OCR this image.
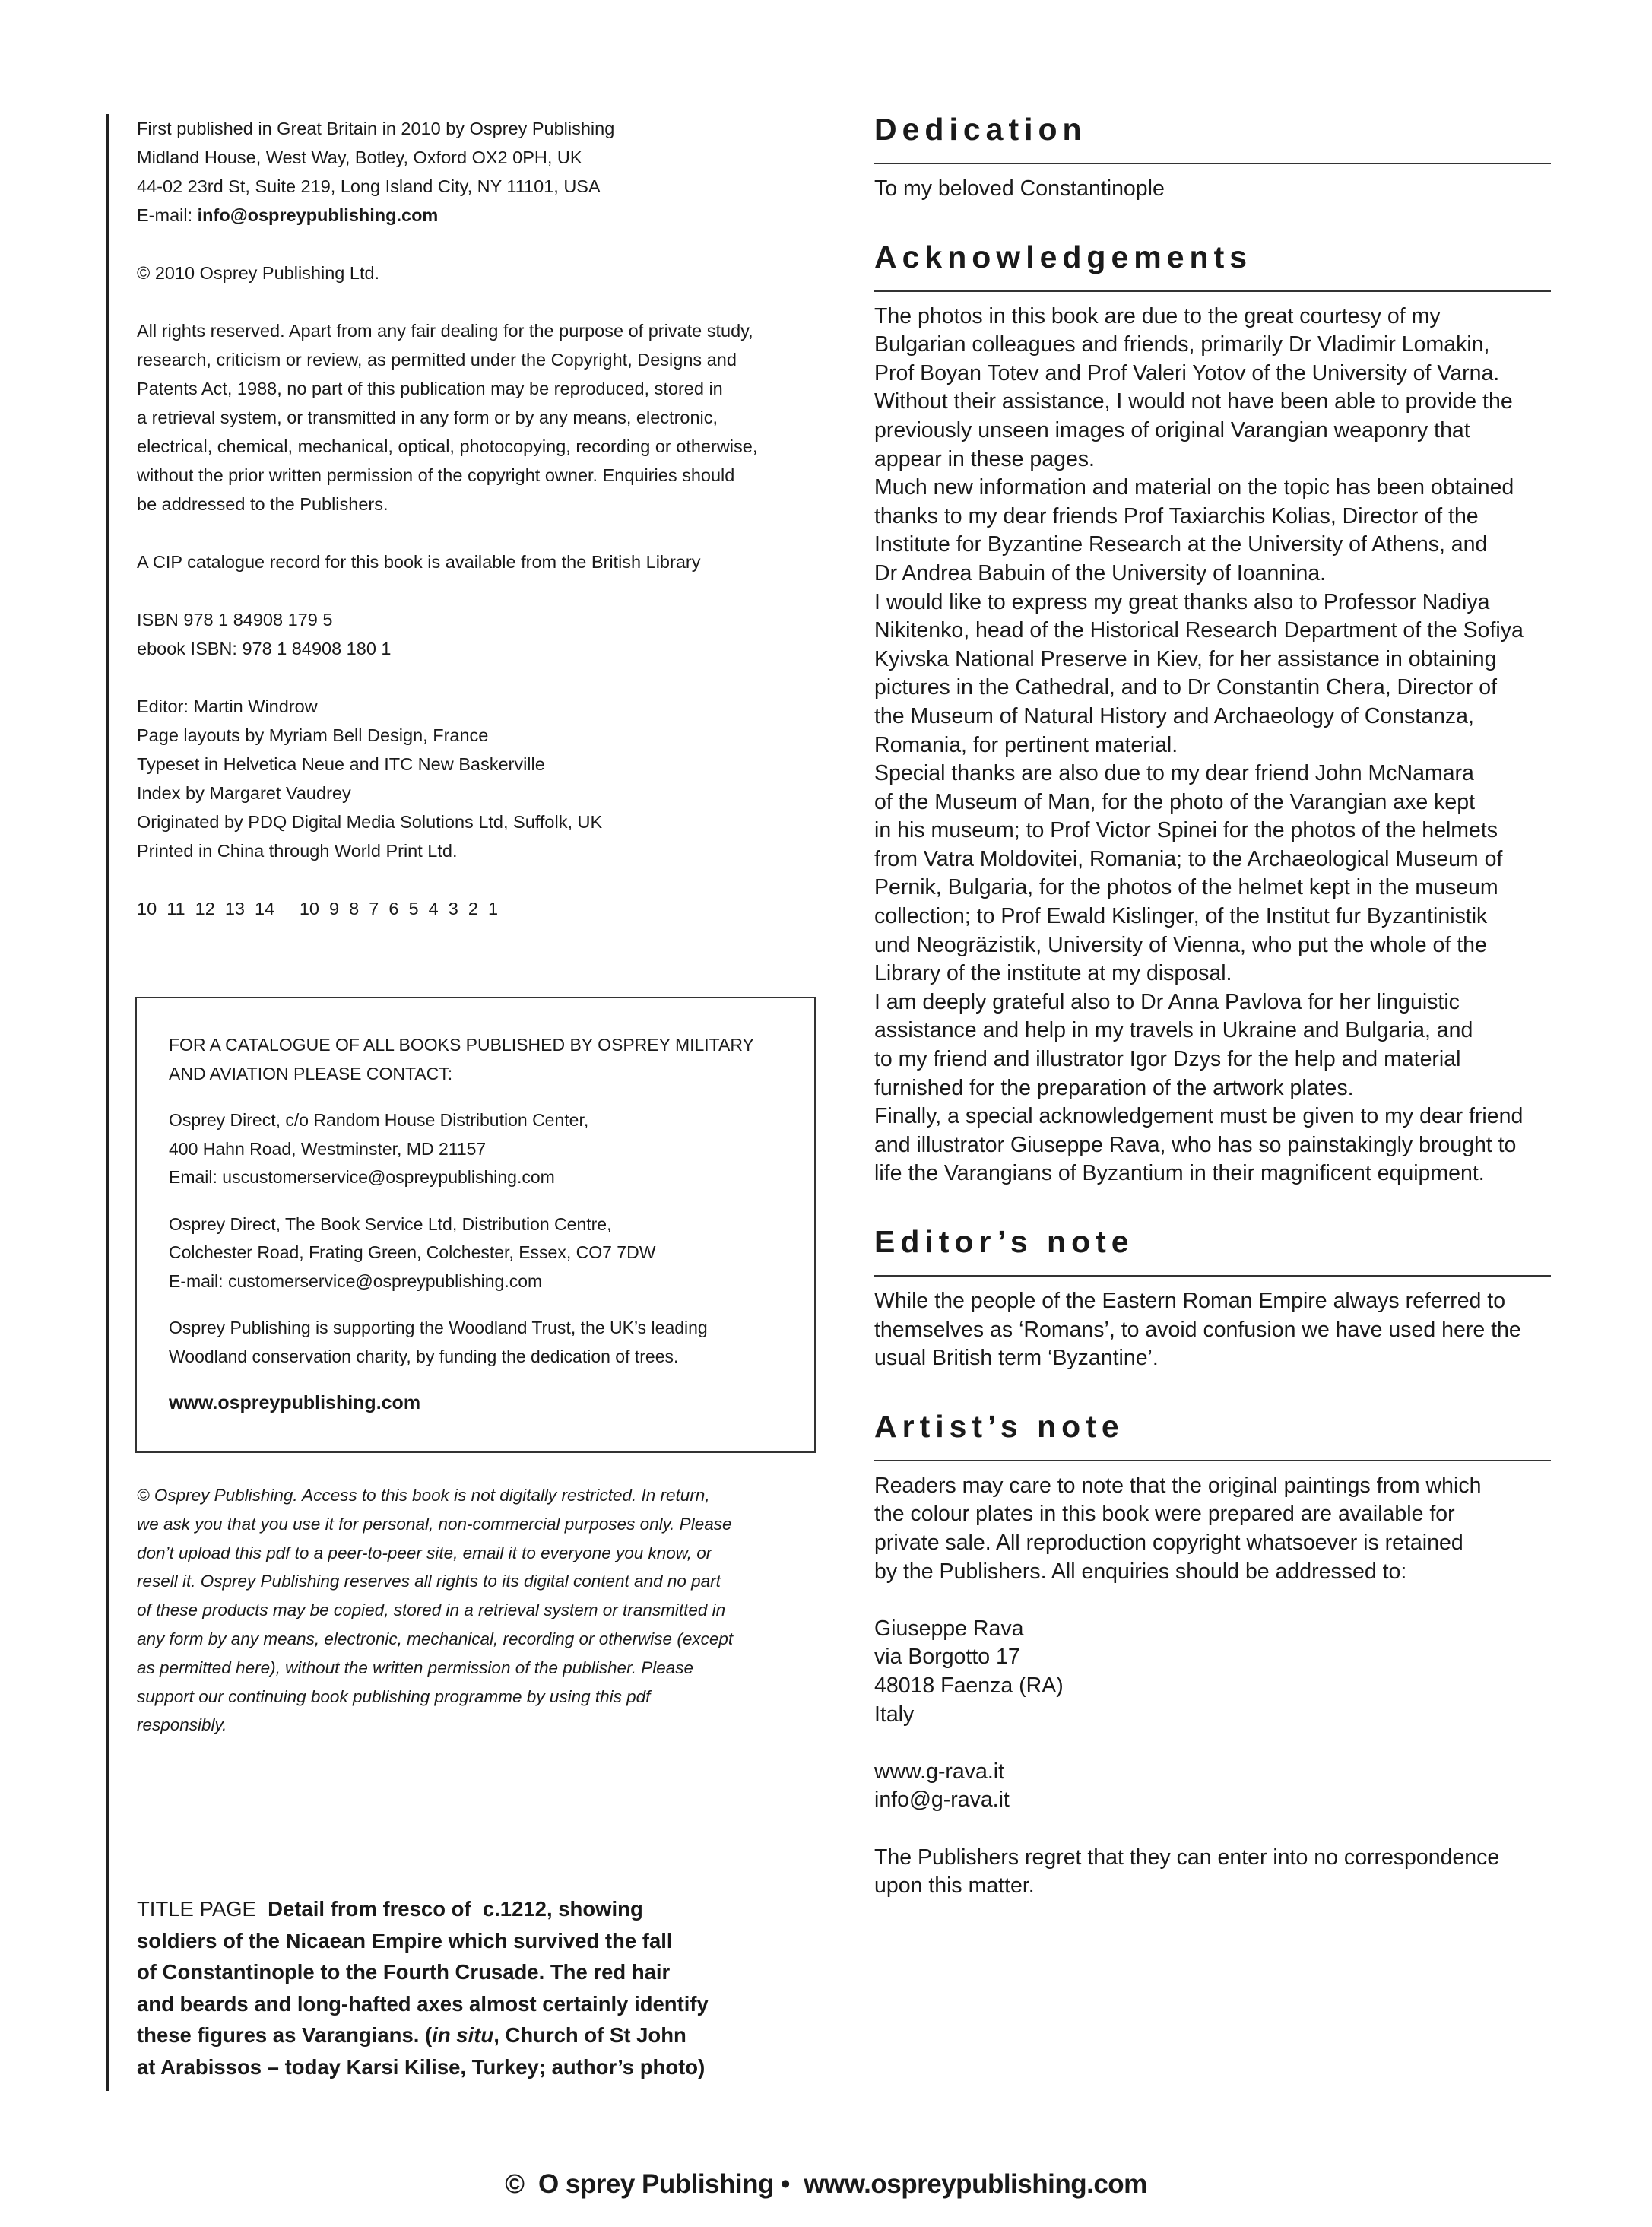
First published in Great Britain in 2010 by Osprey Publishing
Midland House, West Way, Botley, Oxford OX2 0PH, UK
44-02 23rd St, Suite 219, Long Island City, NY 11101, USA
E-mail: info@ospreypublishing.com

© 2010 Osprey Publishing Ltd.

All rights reserved. Apart from any fair dealing for the purpose of private study,
research, criticism or review, as permitted under the Copyright, Designs and
Patents Act, 1988, no part of this publication may be reproduced, stored in
a retrieval system, or transmitted in any form or by any means, electronic,
electrical, chemical, mechanical, optical, photocopying, recording or otherwise,
without the prior written permission of the copyright owner. Enquiries should
be addressed to the Publishers.

A CIP catalogue record for this book is available from the British Library

ISBN 978 1 84908 179 5
ebook ISBN: 978 1 84908 180 1

Editor: Martin Windrow
Page layouts by Myriam Bell Design, France
Typeset in Helvetica Neue and ITC New Baskerville
Index by Margaret Vaudrey
Originated by PDQ Digital Media Solutions Ltd, Suffolk, UK
Printed in China through World Print Ltd.

10  11  12  13  14     10  9  8  7  6  5  4  3  2  1

FOR A CATALOGUE OF ALL BOOKS PUBLISHED BY OSPREY MILITARY
AND AVIATION PLEASE CONTACT:
Osprey Direct, c/o Random House Distribution Center,
400 Hahn Road, Westminster, MD 21157
Email: uscustomerservice@ospreypublishing.com
Osprey Direct, The Book Service Ltd, Distribution Centre,
Colchester Road, Frating Green, Colchester, Essex, CO7 7DW
E-mail: customerservice@ospreypublishing.com
Osprey Publishing is supporting the Woodland Trust, the UK’s leading
Woodland conservation charity, by funding the dedication of trees.
www.ospreypublishing.com
© Osprey Publishing. Access to this book is not digitally restricted. In return,
we ask you that you use it for personal, non-commercial purposes only. Please
don’t upload this pdf to a peer-to-peer site, email it to everyone you know, or
resell it. Osprey Publishing reserves all rights to its digital content and no part
of these products may be copied, stored in a retrieval system or transmitted in
any form by any means, electronic, mechanical, recording or otherwise (except
as permitted here), without the written permission of the publisher. Please
support our continuing book publishing programme by using this pdf
responsibly.
TITLE PAGE  Detail from fresco of  c.1212, showing
soldiers of the Nicaean Empire which survived the fall
of Constantinople to the Fourth Crusade. The red hair
and beards and long-hafted axes almost certainly identify
these figures as Varangians. (in situ, Church of St John
at Arabissos – today Karsi Kilise, Turkey; author’s photo)
Dedication
To my beloved Constantinople
Acknowledgements
The photos in this book are due to the great courtesy of my
Bulgarian colleagues and friends, primarily Dr Vladimir Lomakin,
Prof Boyan Totev and Prof Valeri Yotov of the University of Varna.
Without their assistance, I would not have been able to provide the
previously unseen images of original Varangian weaponry that
appear in these pages.
Much new information and material on the topic has been obtained
thanks to my dear friends Prof Taxiarchis Kolias, Director of the
Institute for Byzantine Research at the University of Athens, and
Dr Andrea Babuin of the University of Ioannina.
I would like to express my great thanks also to Professor Nadiya
Nikitenko, head of the Historical Research Department of the Sofiya
Kyivska National Preserve in Kiev, for her assistance in obtaining
pictures in the Cathedral, and to Dr Constantin Chera, Director of
the Museum of Natural History and Archaeology of Constanza,
Romania, for pertinent material.
Special thanks are also due to my dear friend John McNamara
of the Museum of Man, for the photo of the Varangian axe kept
in his museum; to Prof Victor Spinei for the photos of the helmets
from Vatra Moldovitei, Romania; to the Archaeological Museum of
Pernik, Bulgaria, for the photos of the helmet kept in the museum
collection; to Prof Ewald Kislinger, of the Institut fur Byzantinistik
und Neogräzistik, University of Vienna, who put the whole of the
Library of the institute at my disposal.
I am deeply grateful also to Dr Anna Pavlova for her linguistic
assistance and help in my travels in Ukraine and Bulgaria, and
to my friend and illustrator Igor Dzys for the help and material
furnished for the preparation of the artwork plates.
Finally, a special acknowledgement must be given to my dear friend
and illustrator Giuseppe Rava, who has so painstakingly brought to
life the Varangians of Byzantium in their magnificent equipment.
Editor’s note
While the people of the Eastern Roman Empire always referred to
themselves as ‘Romans’, to avoid confusion we have used here the
usual British term ‘Byzantine’.
Artist’s note
Readers may care to note that the original paintings from which
the colour plates in this book were prepared are available for
private sale. All reproduction copyright whatsoever is retained
by the Publishers. All enquiries should be addressed to:

Giuseppe Rava
via Borgotto 17
48018 Faenza (RA)
Italy

www.g-rava.it
info@g-rava.it

The Publishers regret that they can enter into no correspondence
upon this matter.
©  O sprey Publishing •  www.ospreypublishing.com
